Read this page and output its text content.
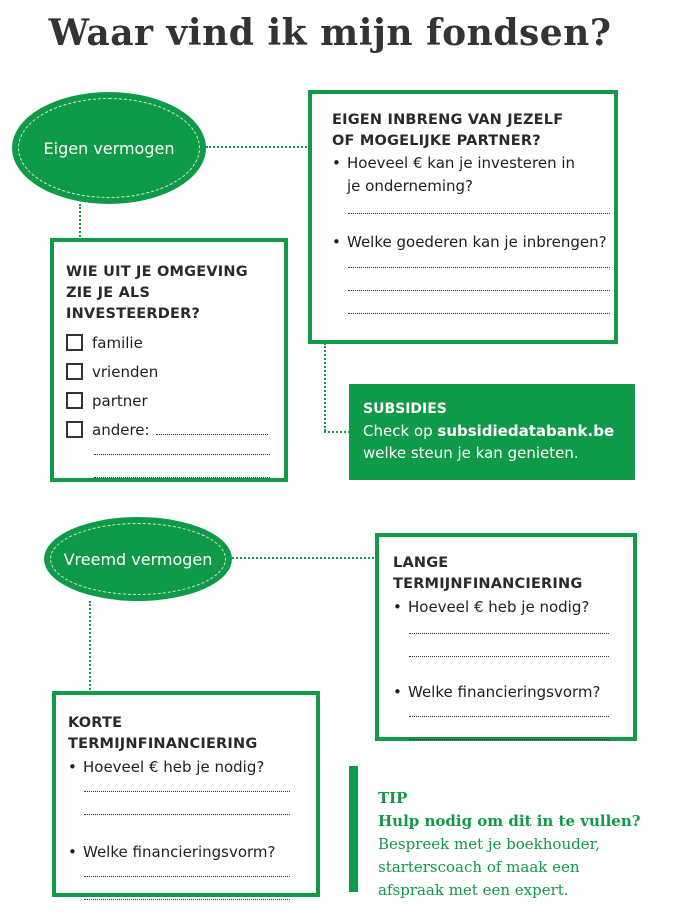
Waar vind ik mijn fondsen?
Eigen vermogen
EIGEN INBRENG VAN JEZELF
OF MOGELIJKE PARTNER?
• Hoeveel € kan je investeren in
je onderneming?
• Welke goederen kan je inbrengen?
WIE UIT JE OMGEVING
ZIE JE ALS INVESTEERDER?
familie
vrienden
partner
andere:
SUBSIDIES
Check op subsidiedatabank.be
welke steun je kan genieten.
Vreemd vermogen	LANGE TERMIJNFINANCIERING
• Hoeveel € heb je nodig?
• Welke financieringsvorm?
KORTE TERMIJNFINANCIERING
• Hoeveel € heb je nodig?
• Welke financieringsvorm?
TIP
Hulp nodig om dit in te vullen?
Bespreek met je boekhouder,
starterscoach of maak een
afspraak met een expert.
